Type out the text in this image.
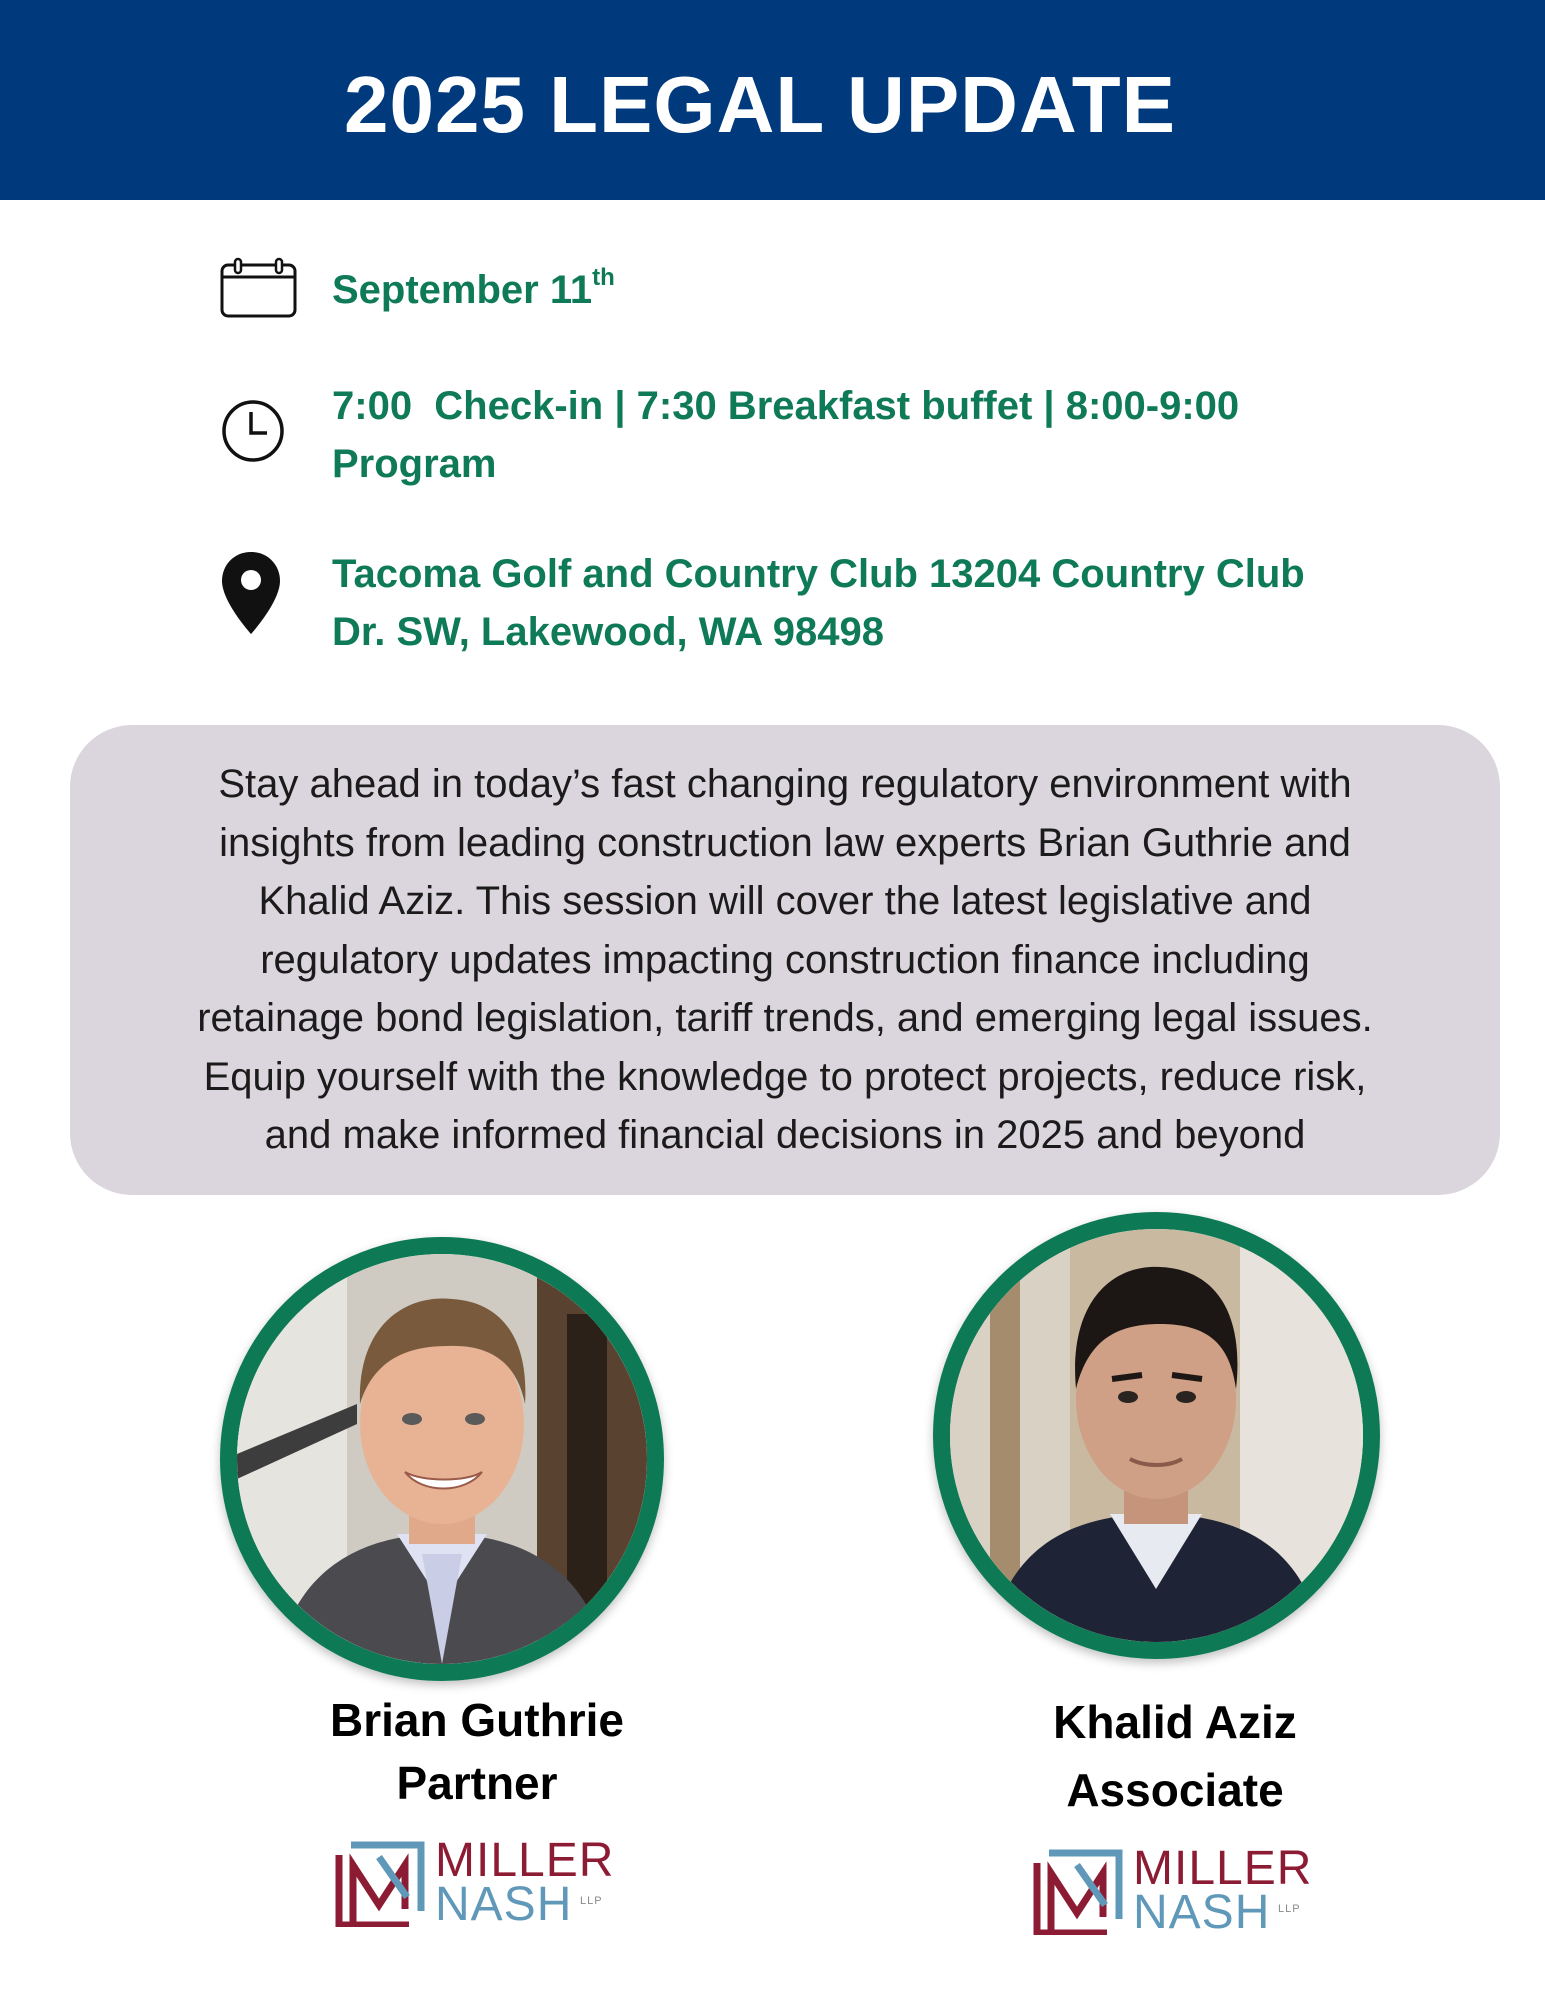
2025 LEGAL UPDATE
September 11th
7:00  Check-in | 7:30 Breakfast buffet | 8:00-9:00
Program
Tacoma Golf and Country Club 13204 Country Club
Dr. SW, Lakewood, WA 98498
Stay ahead in today’s fast changing regulatory environment with
insights from leading construction law experts Brian Guthrie and
Khalid Aziz. This session will cover the latest legislative and
regulatory updates impacting construction finance including
retainage bond legislation, tariff trends, and emerging legal issues.
Equip yourself with the knowledge to protect projects, reduce risk,
and make informed financial decisions in 2025 and beyond
Brian Guthrie
Partner
MILLER
NASH LLP
Khalid Aziz
Associate
MILLER
NASH LLP
